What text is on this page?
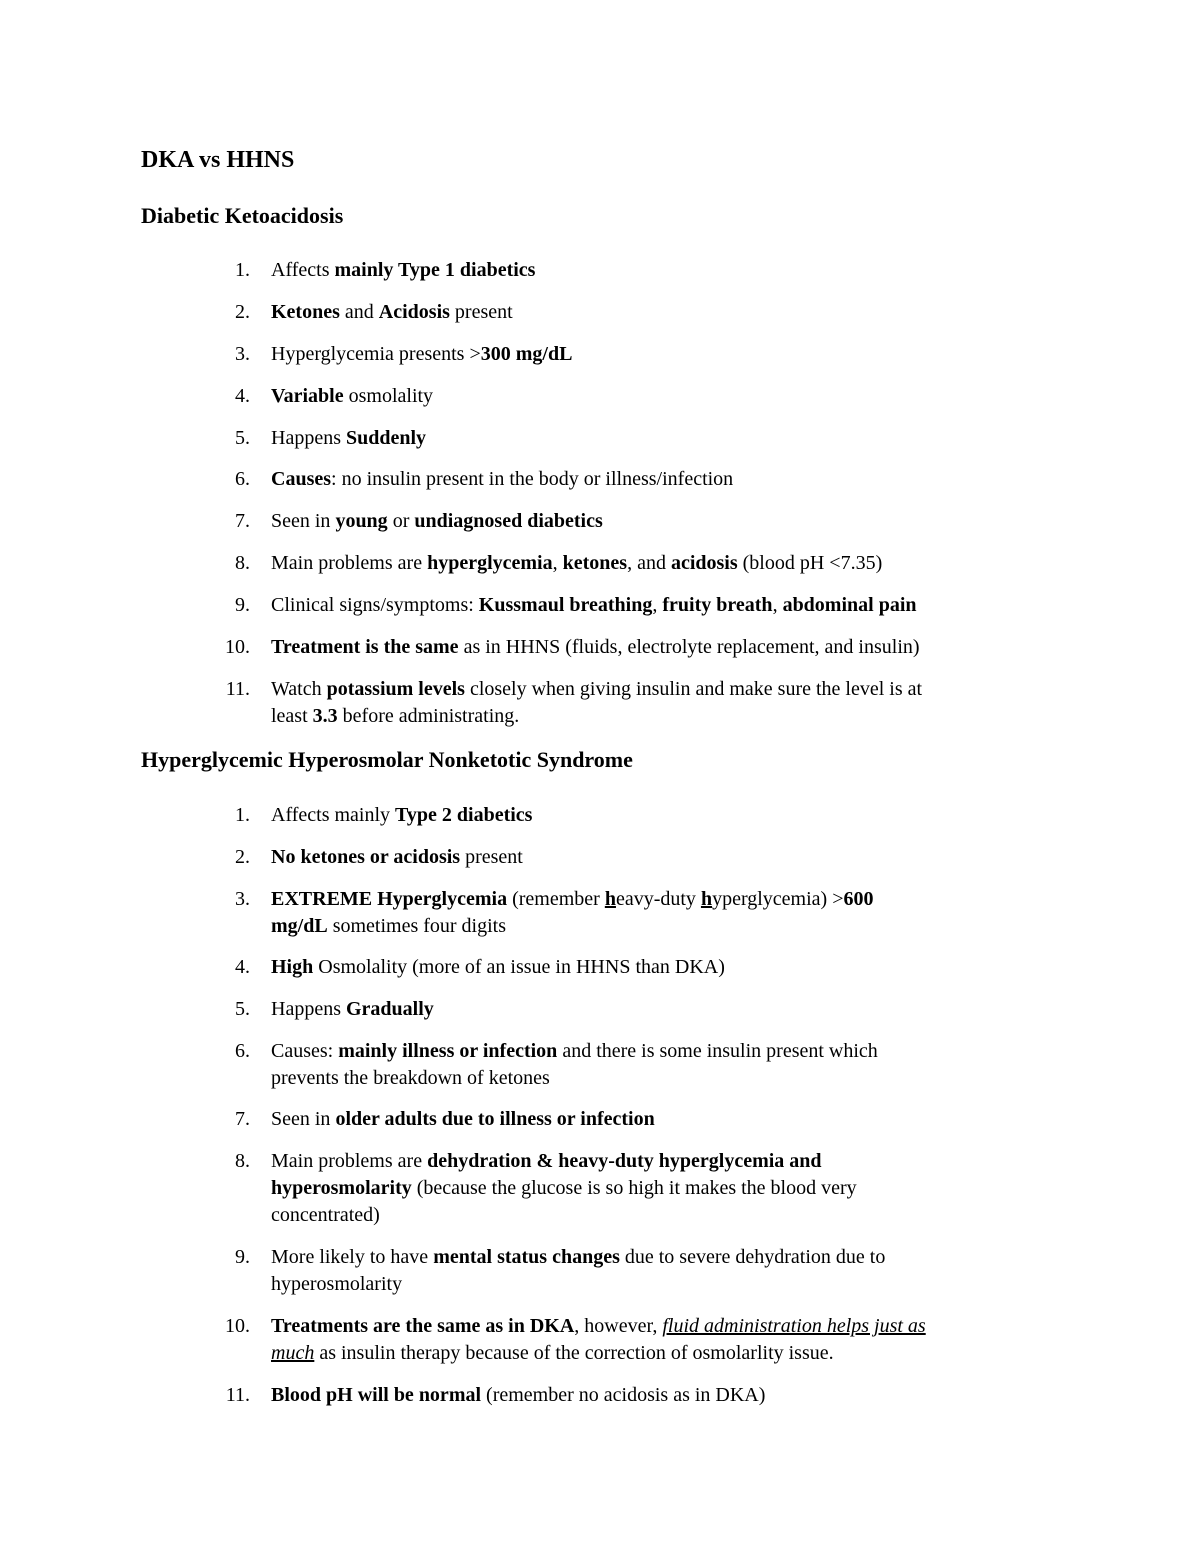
DKA vs HHNS
Diabetic Ketoacidosis
1. Affects mainly Type 1 diabetics
2. Ketones and Acidosis present
3. Hyperglycemia presents >300 mg/dL
4. Variable osmolality
5. Happens Suddenly
6. Causes: no insulin present in the body or illness/infection
7. Seen in young or undiagnosed diabetics
8. Main problems are hyperglycemia, ketones, and acidosis (blood pH <7.35)
9. Clinical signs/symptoms: Kussmaul breathing, fruity breath, abdominal pain
10. Treatment is the same as in HHNS (fluids, electrolyte replacement, and insulin)
11. Watch potassium levels closely when giving insulin and make sure the level is at
least 3.3 before administrating.
Hyperglycemic Hyperosmolar Nonketotic Syndrome
1. Affects mainly Type 2 diabetics
2. No ketones or acidosis present
3. EXTREME Hyperglycemia (remember heavy-duty hyperglycemia) >600
mg/dL sometimes four digits
4. High Osmolality (more of an issue in HHNS than DKA)
5. Happens Gradually
6. Causes: mainly illness or infection and there is some insulin present which
prevents the breakdown of ketones
7. Seen in older adults due to illness or infection
8. Main problems are dehydration & heavy-duty hyperglycemia and
hyperosmolarity (because the glucose is so high it makes the blood very
concentrated)
9. More likely to have mental status changes due to severe dehydration due to
hyperosmolarity
10. Treatments are the same as in DKA, however, fluid administration helps just as
much as insulin therapy because of the correction of osmolarlity issue.
11. Blood pH will be normal (remember no acidosis as in DKA)
